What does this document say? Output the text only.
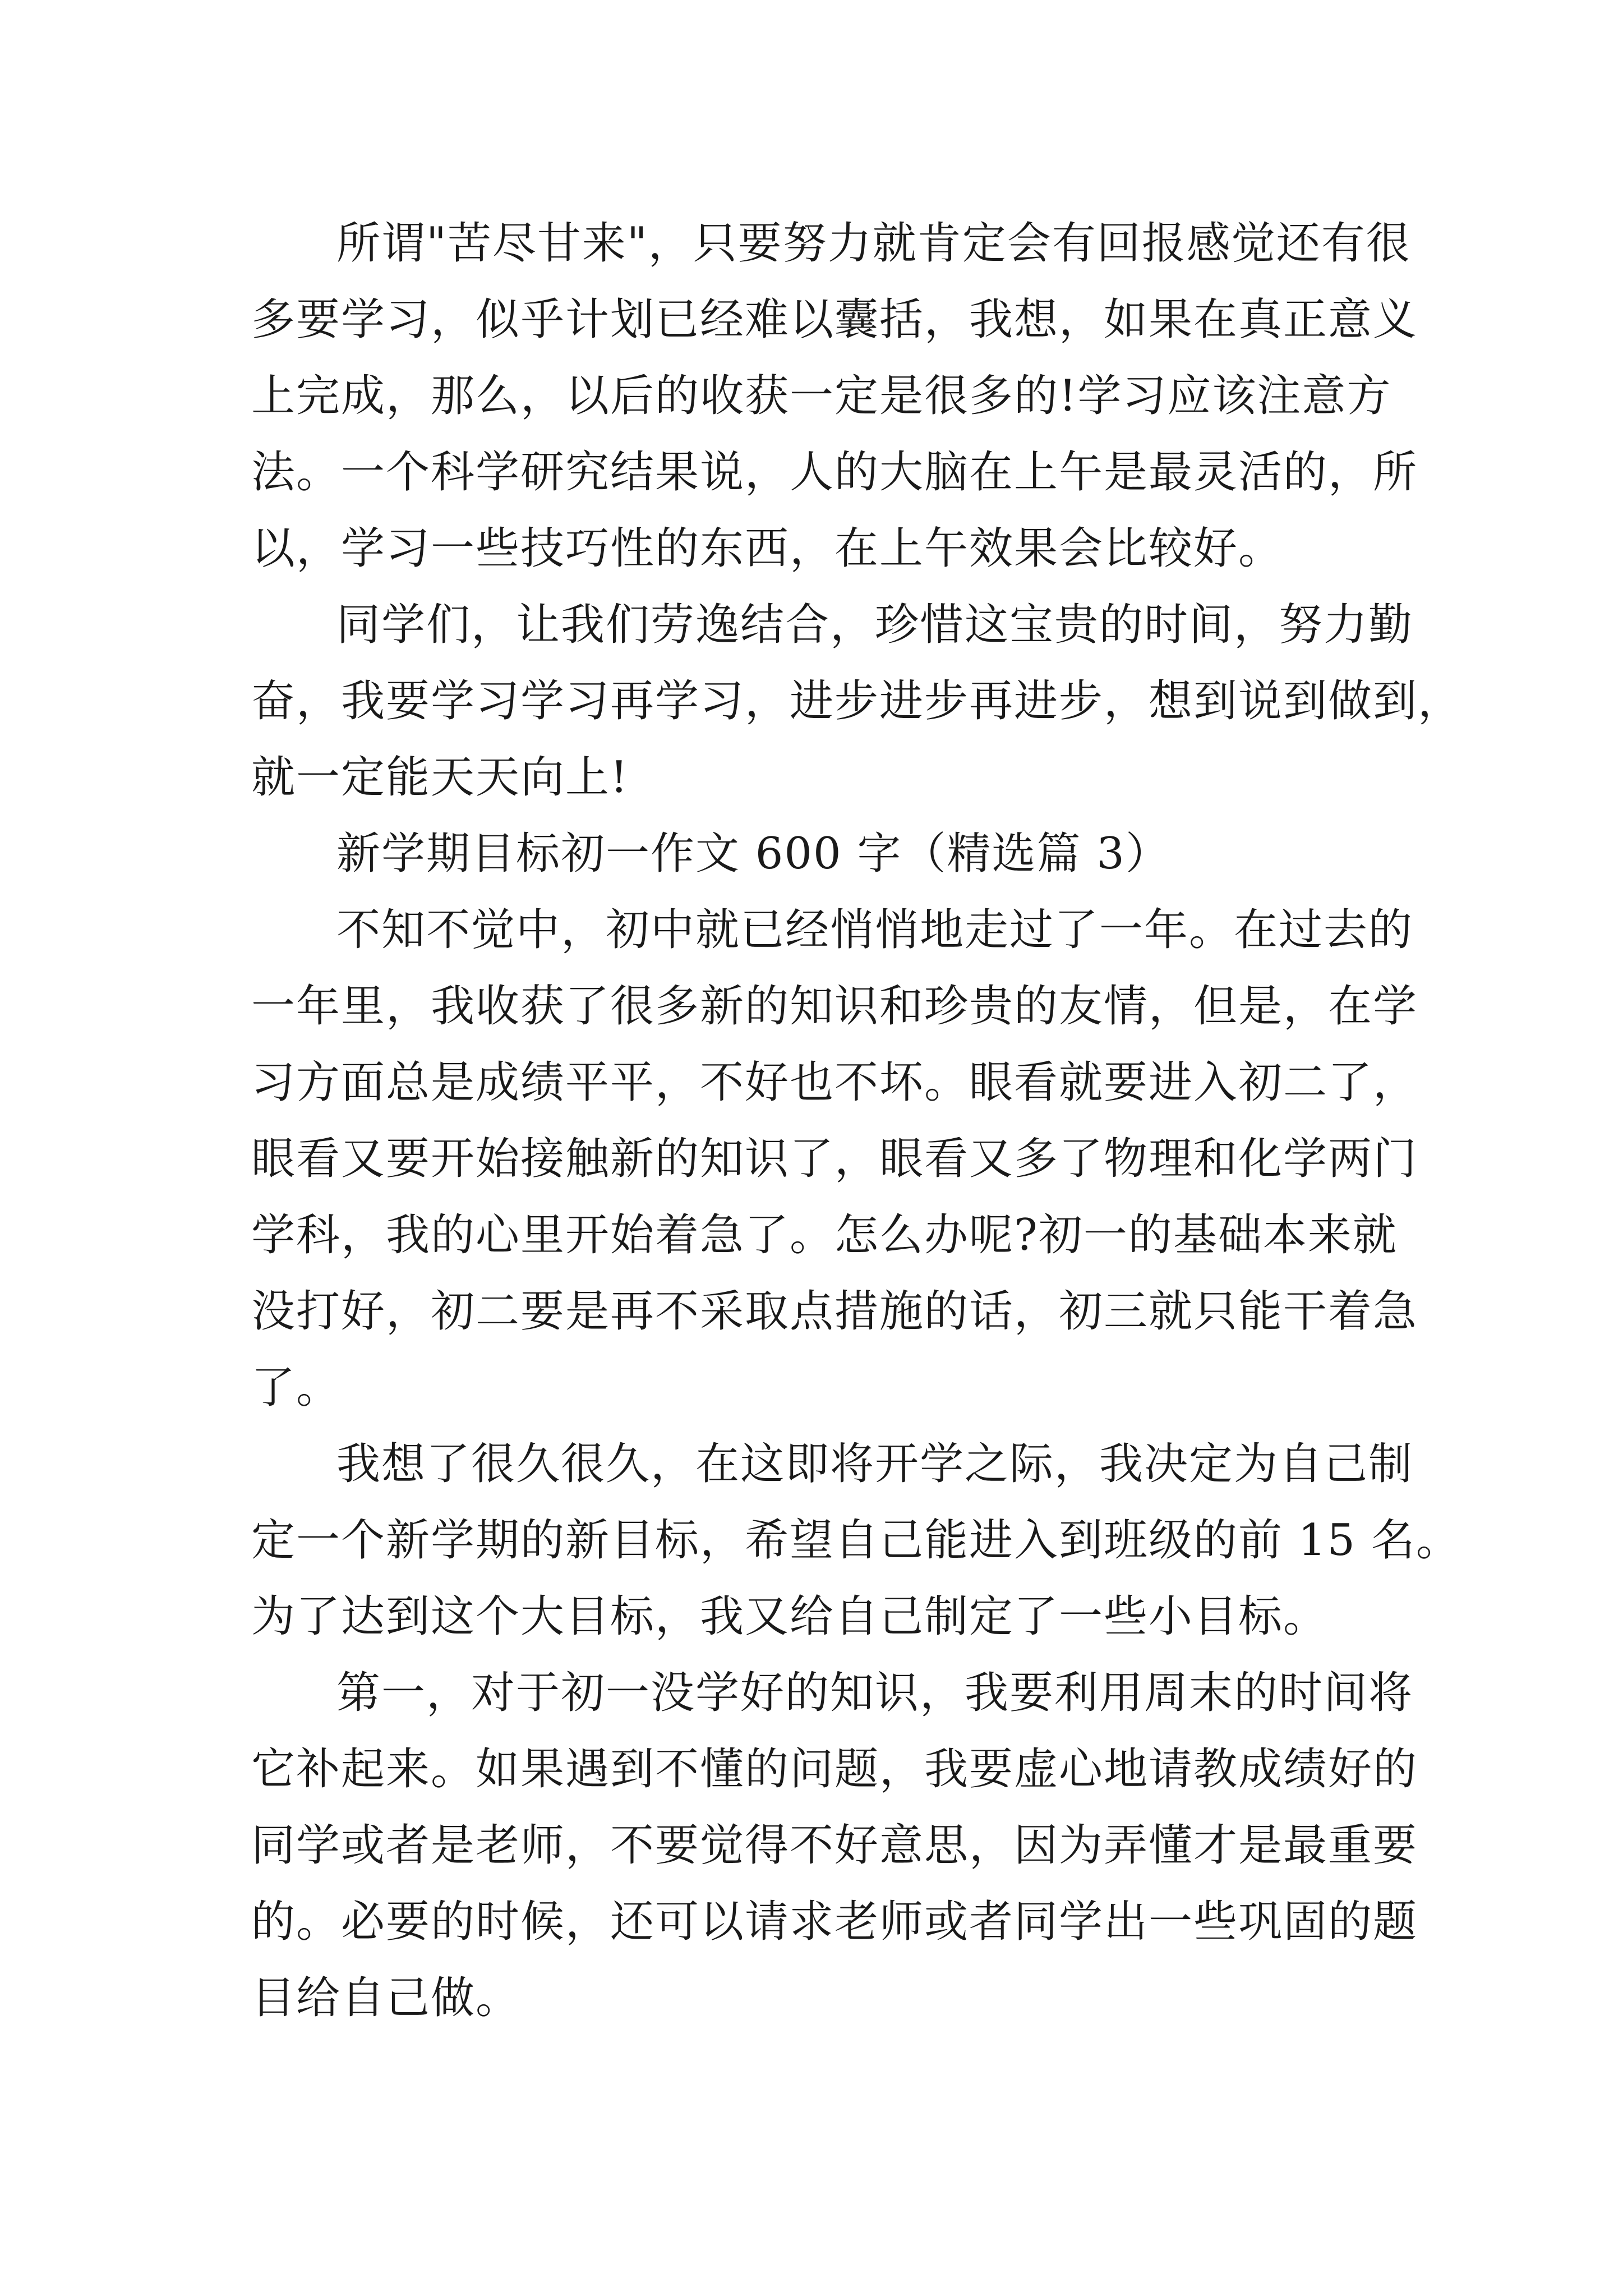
所谓"苦尽甘来"，只要努力就肯定会有回报感觉还有很

多要学习，似乎计划已经难以囊括，我想，如果在真正意义

上完成，那么，以后的收获一定是很多的!学习应该注意方

法。一个科学研究结果说，人的大脑在上午是最灵活的，所

以，学习一些技巧性的东西，在上午效果会比较好。

同学们，让我们劳逸结合，珍惜这宝贵的时间，努力勤

奋，我要学习学习再学习，进步进步再进步，想到说到做到，

就一定能天天向上!

新学期目标初一作文 600 字（精选篇 3）

不知不觉中，初中就已经悄悄地走过了一年。在过去的

一年里，我收获了很多新的知识和珍贵的友情，但是，在学

习方面总是成绩平平，不好也不坏。眼看就要进入初二了，

眼看又要开始接触新的知识了，眼看又多了物理和化学两门

学科，我的心里开始着急了。怎么办呢?初一的基础本来就

没打好，初二要是再不采取点措施的话，初三就只能干着急

了。

我想了很久很久，在这即将开学之际，我决定为自己制

定一个新学期的新目标，希望自己能进入到班级的前 15 名。

为了达到这个大目标，我又给自己制定了一些小目标。

第一，对于初一没学好的知识，我要利用周末的时间将

它补起来。如果遇到不懂的问题，我要虚心地请教成绩好的

同学或者是老师，不要觉得不好意思，因为弄懂才是最重要

的。必要的时候，还可以请求老师或者同学出一些巩固的题

目给自己做。
